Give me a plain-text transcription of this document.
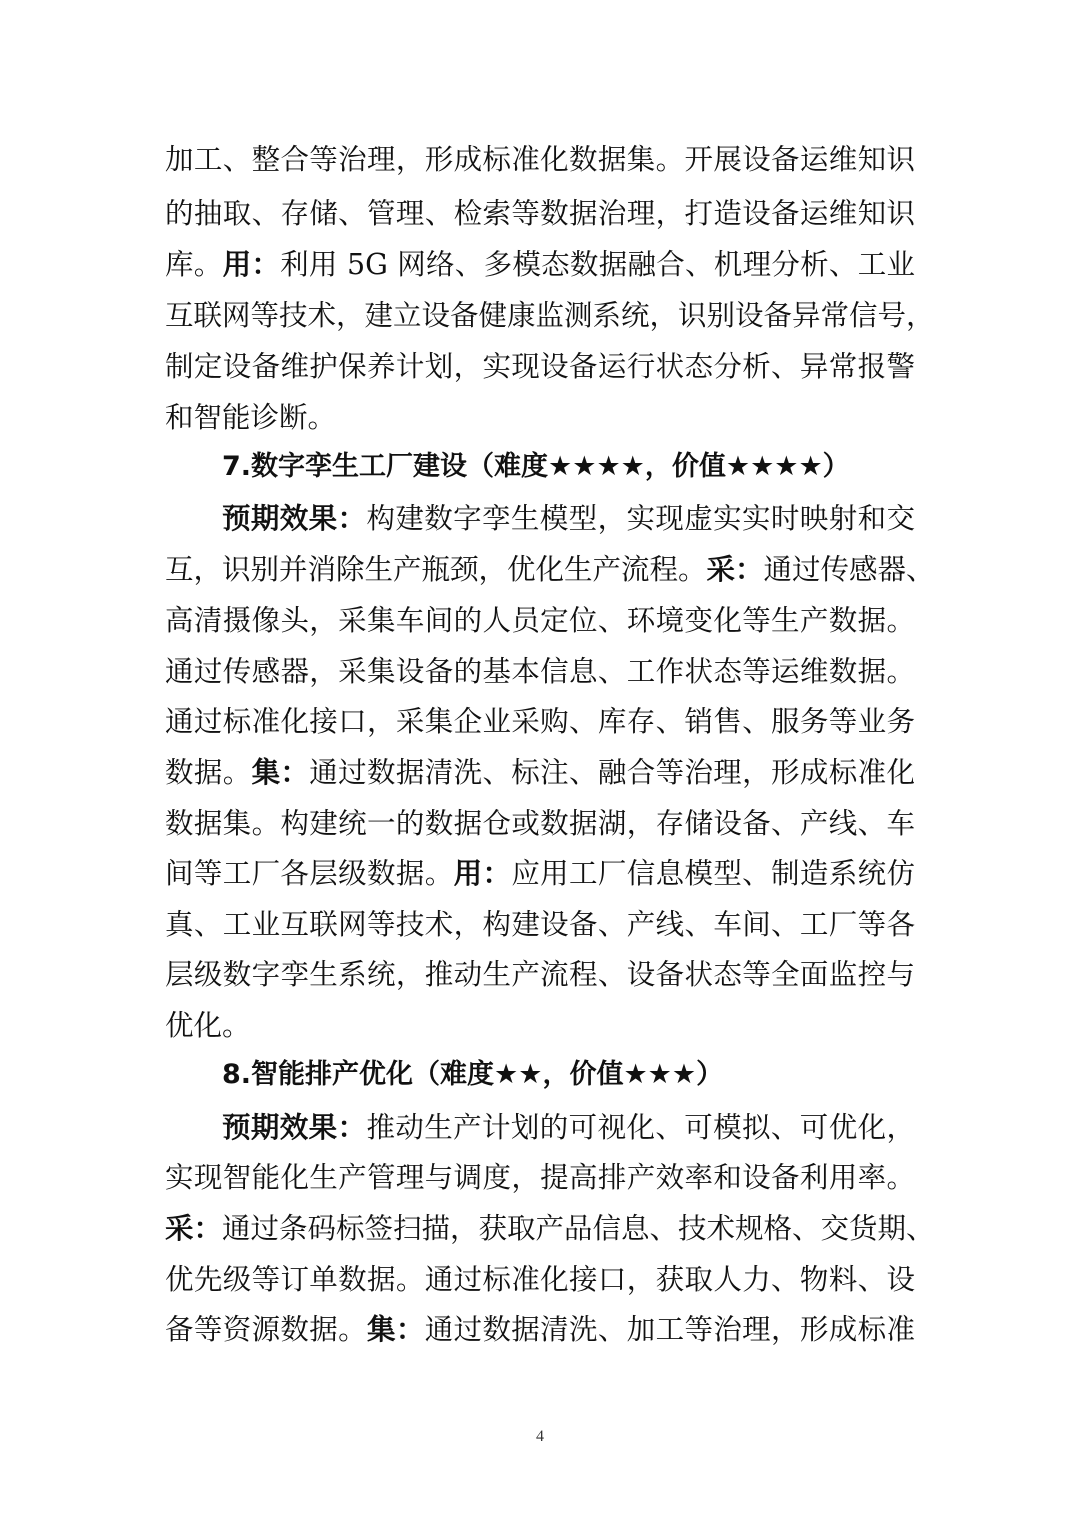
加工、整合等治理，形成标准化数据集。开展设备运维知识
的抽取、存储、管理、检索等数据治理，打造设备运维知识
库。用：利用 5G 网络、多模态数据融合、机理分析、工业
互联网等技术，建立设备健康监测系统，识别设备异常信号，
制定设备维护保养计划，实现设备运行状态分析、异常报警
和智能诊断。
7.数字孪生工厂建设（难度★★★★，价值★★★★）
预期效果：构建数字孪生模型，实现虚实实时映射和交
互，识别并消除生产瓶颈，优化生产流程。采：通过传感器、
高清摄像头，采集车间的人员定位、环境变化等生产数据。
通过传感器，采集设备的基本信息、工作状态等运维数据。
通过标准化接口，采集企业采购、库存、销售、服务等业务
数据。集：通过数据清洗、标注、融合等治理，形成标准化
数据集。构建统一的数据仓或数据湖，存储设备、产线、车
间等工厂各层级数据。用：应用工厂信息模型、制造系统仿
真、工业互联网等技术，构建设备、产线、车间、工厂等各
层级数字孪生系统，推动生产流程、设备状态等全面监控与
优化。
8.智能排产优化（难度★★，价值★★★）
预期效果：推动生产计划的可视化、可模拟、可优化，
实现智能化生产管理与调度，提高排产效率和设备利用率。
采：通过条码标签扫描，获取产品信息、技术规格、交货期、
优先级等订单数据。通过标准化接口，获取人力、物料、设
备等资源数据。集：通过数据清洗、加工等治理，形成标准
4
